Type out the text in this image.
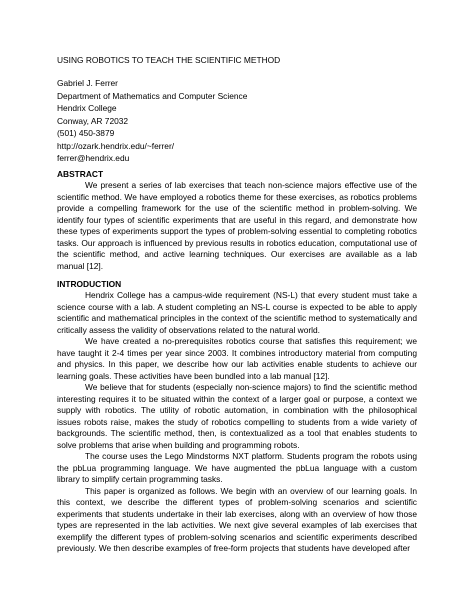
USING ROBOTICS TO TEACH THE SCIENTIFIC METHOD
Gabriel J. Ferrer
Department of Mathematics and Computer Science
Hendrix College
Conway, AR 72032
(501) 450-3879
http://ozark.hendrix.edu/~ferrer/
ferrer@hendrix.edu
ABSTRACT

We present a series of lab exercises that teach non-science majors effective use of the scientific method. We have employed a robotics theme for these exercises, as robotics problems provide a compelling framework for the use of the scientific method in problem-solving. We identify four types of scientific experiments that are useful in this regard, and demonstrate how these types of experiments support the types of problem-solving essential to completing robotics tasks. Our approach is influenced by previous results in robotics education, computational use of the scientific method, and active learning techniques. Our exercises are available as a lab manual [12].

INTRODUCTION

Hendrix College has a campus-wide requirement (NS-L) that every student must take a science course with a lab. A student completing an NS-L course is expected to be able to apply scientific and mathematical principles in the context of the scientific method to systematically and critically assess the validity of observations related to the natural world.

We have created a no-prerequisites robotics course that satisfies this requirement; we have taught it 2-4 times per year since 2003. It combines introductory material from computing and physics. In this paper, we describe how our lab activities enable students to achieve our learning goals. These activities have been bundled into a lab manual [12].

We believe that for students (especially non-science majors) to find the scientific method interesting requires it to be situated within the context of a larger goal or purpose, a context we supply with robotics. The utility of robotic automation, in combination with the philosophical issues robots raise, makes the study of robotics compelling to students from a wide variety of backgrounds. The scientific method, then, is contextualized as a tool that enables students to solve problems that arise when building and programming robots.

The course uses the Lego Mindstorms NXT platform. Students program the robots using the pbLua programming language. We have augmented the pbLua language with a custom library to simplify certain programming tasks.

This paper is organized as follows. We begin with an overview of our learning goals. In this context, we describe the different types of problem-solving scenarios and scientific experiments that students undertake in their lab exercises, along with an overview of how those types are represented in the lab activities. We next give several examples of lab exercises that exemplify the different types of problem-solving scenarios and scientific experiments described previously. We then describe examples of free-form projects that students have developed after
